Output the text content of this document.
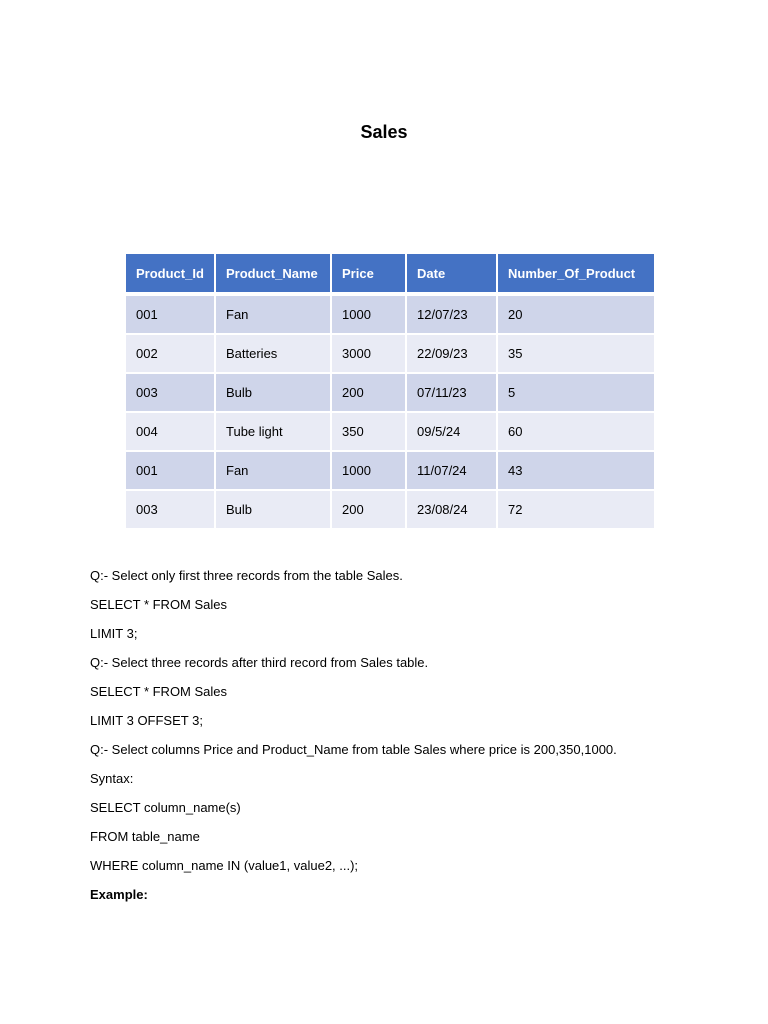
Sales
Product_Id	Product_Name	Price	Date	Number_Of_Product
001	Fan	1000	12/07/23	20
002	Batteries	3000	22/09/23	35
003	Bulb	200	07/11/23	5
004	Tube light	350	09/5/24	60
001	Fan	1000	11/07/24	43
003	Bulb	200	23/08/24	72

Q:- Select only first three records from the table Sales.

SELECT * FROM Sales

LIMIT 3;

Q:- Select three records after third record from Sales table.

SELECT * FROM Sales

LIMIT 3 OFFSET 3;

Q:- Select columns Price and Product_Name from table Sales where price is 200,350,1000.

Syntax:

SELECT column_name(s)

FROM table_name

WHERE column_name IN (value1, value2, ...);

Example:
